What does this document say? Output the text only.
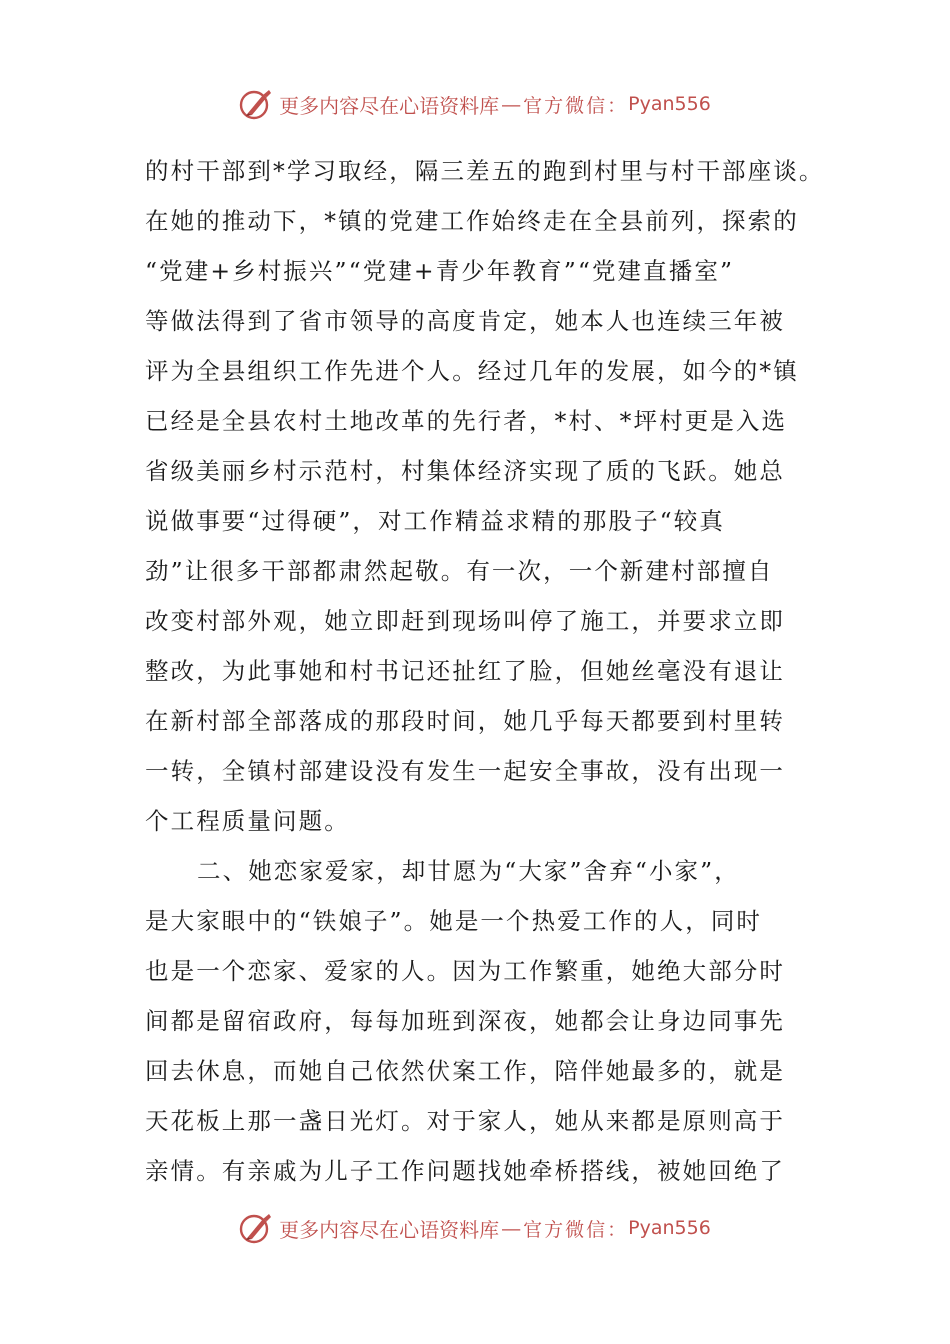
更多内容尽在心语资料库 — 官方微信： Pyan556
的村干部到*学习取经，隔三差五的跑到村里与村干部座谈。
在她的推动下，*镇的党建工作始终走在全县前列，探索的
“党建+乡村振兴”“党建+青少年教育”“党建直播室”
等做法得到了省市领导的高度肯定，她本人也连续三年被
评为全县组织工作先进个人。经过几年的发展，如今的*镇
已经是全县农村土地改革的先行者，*村、*坪村更是入选
省级美丽乡村示范村，村集体经济实现了质的飞跃。她总
说做事要“过得硬”，对工作精益求精的那股子“较真
劲”让很多干部都肃然起敬。有一次，一个新建村部擅自
改变村部外观，她立即赶到现场叫停了施工，并要求立即
整改，为此事她和村书记还扯红了脸，但她丝毫没有退让
在新村部全部落成的那段时间，她几乎每天都要到村里转
一转，全镇村部建设没有发生一起安全事故，没有出现一
个工程质量问题。
二、她恋家爱家，却甘愿为“大家”舍弃“小家”，
是大家眼中的“铁娘子”。她是一个热爱工作的人，同时
也是一个恋家、爱家的人。因为工作繁重，她绝大部分时
间都是留宿政府，每每加班到深夜，她都会让身边同事先
回去休息，而她自己依然伏案工作，陪伴她最多的，就是
天花板上那一盏日光灯。对于家人，她从来都是原则高于
亲情。有亲戚为儿子工作问题找她牵桥搭线，被她回绝了
更多内容尽在心语资料库 — 官方微信： Pyan556
